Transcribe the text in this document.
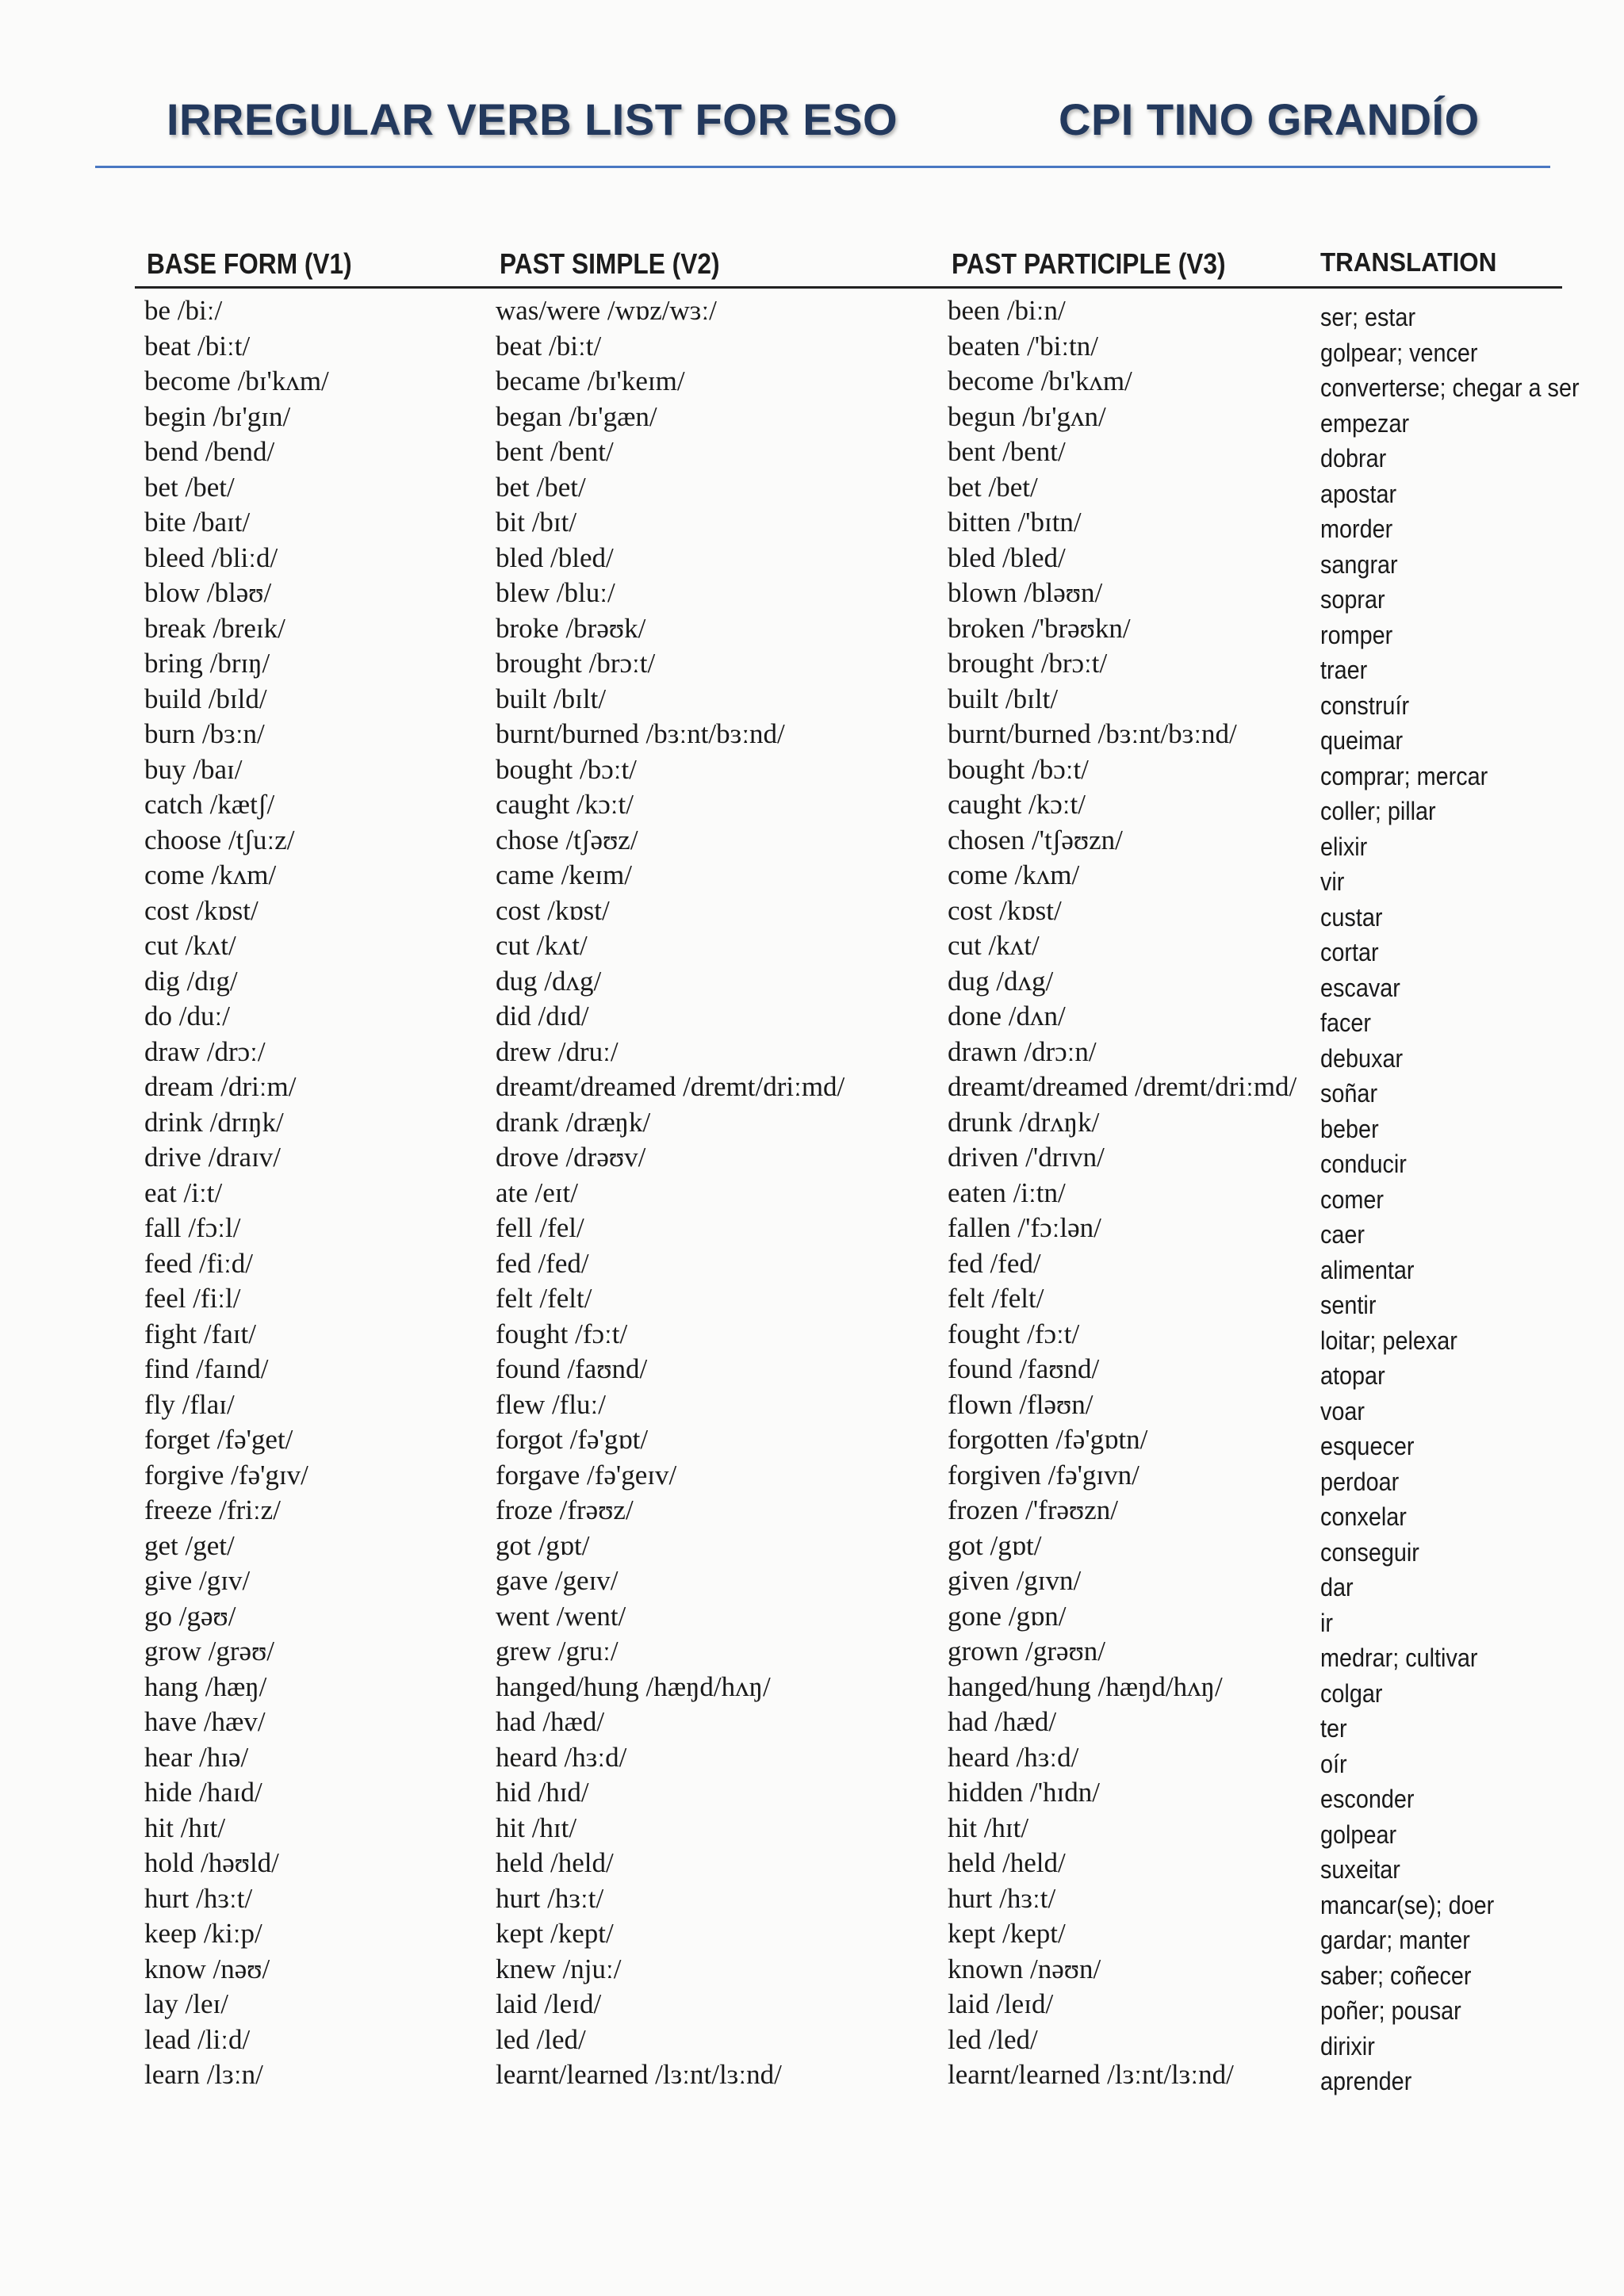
IRREGULAR VERB LIST FOR ESO	CPI TINO GRANDÍO
BASE FORM (V1)	PAST SIMPLE (V2)	PAST PARTICIPLE (V3)	TRANSLATION
be /biː/	was/were /wɒz/wɜː/	been /biːn/	ser; estar
beat /biːt/	beat /biːt/	beaten /'biːtn/	golpear; vencer
become /bɪ'kʌm/	became /bɪ'keɪm/	become /bɪ'kʌm/	converterse; chegar a ser
begin /bɪ'gɪn/	began /bɪ'gæn/	begun /bɪ'gʌn/	empezar
bend /bend/	bent /bent/	bent /bent/	dobrar
bet /bet/	bet /bet/	bet /bet/	apostar
bite /baɪt/	bit /bɪt/	bitten /'bɪtn/	morder
bleed /bliːd/	bled /bled/	bled /bled/	sangrar
blow /bləʊ/	blew /bluː/	blown /bləʊn/	soprar
break /breɪk/	broke /brəʊk/	broken /'brəʊkn/	romper
bring /brɪŋ/	brought /brɔːt/	brought /brɔːt/	traer
build /bɪld/	built /bɪlt/	built /bɪlt/	construír
burn /bɜːn/	burnt/burned /bɜːnt/bɜːnd/	burnt/burned /bɜːnt/bɜːnd/	queimar
buy /baɪ/	bought /bɔːt/	bought /bɔːt/	comprar; mercar
catch /kætʃ/	caught /kɔːt/	caught /kɔːt/	coller; pillar
choose /tʃuːz/	chose /tʃəʊz/	chosen /'tʃəʊzn/	elixir
come /kʌm/	came /keɪm/	come /kʌm/	vir
cost /kɒst/	cost /kɒst/	cost /kɒst/	custar
cut /kʌt/	cut /kʌt/	cut /kʌt/	cortar
dig /dɪg/	dug /dʌg/	dug /dʌg/	escavar
do /duː/	did /dɪd/	done /dʌn/	facer
draw /drɔː/	drew /druː/	drawn /drɔːn/	debuxar
dream /driːm/	dreamt/dreamed /dremt/driːmd/	dreamt/dreamed /dremt/driːmd/ soñar
drink /drɪŋk/	drank /dræŋk/	drunk /drʌŋk/	beber
drive /draɪv/	drove /drəʊv/	driven /'drɪvn/	conducir
eat /iːt/	ate /eɪt/	eaten /iːtn/	comer
fall /fɔːl/	fell /fel/	fallen /'fɔːlən/	caer
feed /fiːd/	fed /fed/	fed /fed/	alimentar
feel /fiːl/	felt /felt/	felt /felt/	sentir
fight /faɪt/	fought /fɔːt/	fought /fɔːt/	loitar; pelexar
find /faɪnd/	found /faʊnd/	found /faʊnd/	atopar
fly /flaɪ/	flew /fluː/	flown /fləʊn/	voar
forget /fə'get/	forgot /fə'gɒt/	forgotten /fə'gɒtn/	esquecer
forgive /fə'gɪv/	forgave /fə'geɪv/	forgiven /fə'gɪvn/	perdoar
freeze /friːz/	froze /frəʊz/	frozen /'frəʊzn/	conxelar
get /get/	got /gɒt/	got /gɒt/	conseguir
give /gɪv/	gave /geɪv/	given /gɪvn/	dar
go /gəʊ/	went /went/	gone /gɒn/	ir
grow /grəʊ/	grew /gruː/	grown /grəʊn/	medrar; cultivar
hang /hæŋ/	hanged/hung /hæŋd/hʌŋ/	hanged/hung /hæŋd/hʌŋ/	colgar
have /hæv/	had /hæd/	had /hæd/	ter
hear /hɪə/	heard /hɜːd/	heard /hɜːd/	oír
hide /haɪd/	hid /hɪd/	hidden /'hɪdn/	esconder
hit /hɪt/	hit /hɪt/	hit /hɪt/	golpear
hold /həʊld/	held /held/	held /held/	suxeitar
hurt /hɜːt/	hurt /hɜːt/	hurt /hɜːt/	mancar(se); doer
keep /kiːp/	kept /kept/	kept /kept/	gardar; manter
know /nəʊ/	knew /njuː/	known /nəʊn/	saber; coñecer
lay /leɪ/	laid /leɪd/	laid /leɪd/	poñer; pousar
lead /liːd/	led /led/	led /led/	dirixir
learn /lɜːn/	learnt/learned /lɜːnt/lɜːnd/	learnt/learned /lɜːnt/lɜːnd/	aprender
